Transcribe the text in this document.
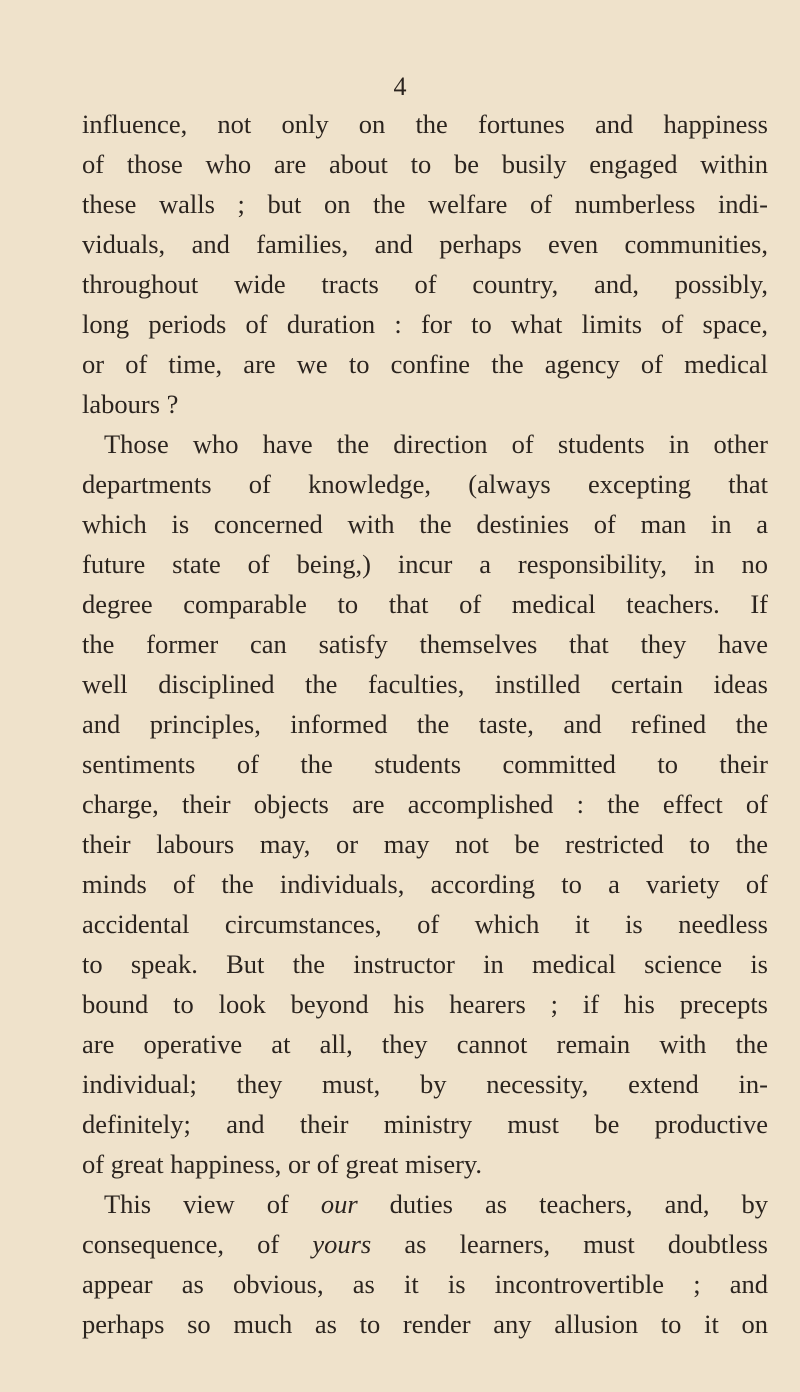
4
influence, not only on the fortunes and happiness
of those who are about to be busily engaged within
these walls ; but on the welfare of numberless indi-
viduals, and families, and perhaps even communities,
throughout wide tracts of country, and, possibly,
long periods of duration : for to what limits of space,
or of time, are we to confine the agency of medical
labours ?
Those who have the direction of students in other
departments of knowledge, (always excepting that
which is concerned with the destinies of man in a
future state of being,) incur a responsibility, in no
degree comparable to that of medical teachers. If
the former can satisfy themselves that they have
well disciplined the faculties, instilled certain ideas
and principles, informed the taste, and refined the
sentiments of the students committed to their
charge, their objects are accomplished : the effect of
their labours may, or may not be restricted to the
minds of the individuals, according to a variety of
accidental circumstances, of which it is needless
to speak. But the instructor in medical science is
bound to look beyond his hearers ; if his precepts
are operative at all, they cannot remain with the
individual; they must, by necessity, extend in-
definitely; and their ministry must be productive
of great happiness, or of great misery.
This view of our duties as teachers, and, by
consequence, of yours as learners, must doubtless
appear as obvious, as it is incontrovertible ; and
perhaps so much as to render any allusion to it on
